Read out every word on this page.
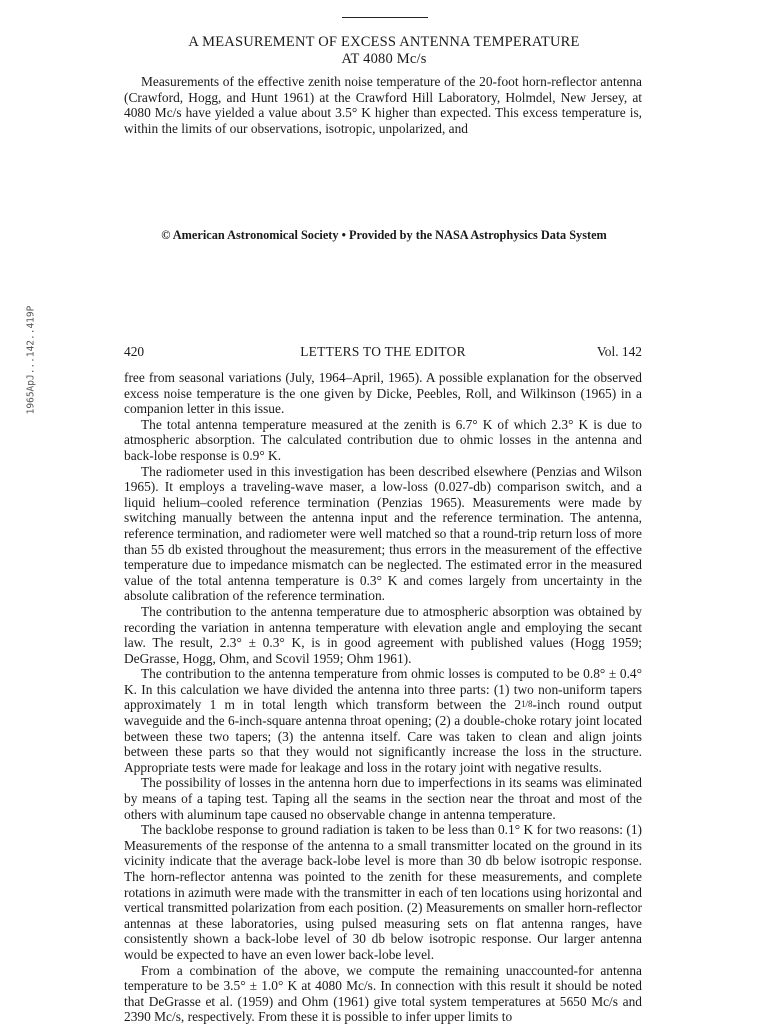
A MEASUREMENT OF EXCESS ANTENNA TEMPERATURE
AT 4080 Mc/s
Measurements of the effective zenith noise temperature of the 20-foot horn-reflector antenna (Crawford, Hogg, and Hunt 1961) at the Crawford Hill Laboratory, Holmdel, New Jersey, at 4080 Mc/s have yielded a value about 3.5° K higher than expected. This excess temperature is, within the limits of our observations, isotropic, unpolarized, and
© American Astronomical Society • Provided by the NASA Astrophysics Data System
1965ApJ...142..419P	LETTERS TO THE EDITOR
420	Vol. 142

free from seasonal variations (July, 1964–April, 1965). A possible explanation for the observed excess noise temperature is the one given by Dicke, Peebles, Roll, and Wilkinson (1965) in a companion letter in this issue.

The total antenna temperature measured at the zenith is 6.7° K of which 2.3° K is due to atmospheric absorption. The calculated contribution due to ohmic losses in the antenna and back-lobe response is 0.9° K.

The radiometer used in this investigation has been described elsewhere (Penzias and Wilson 1965). It employs a traveling-wave maser, a low-loss (0.027-db) comparison switch, and a liquid helium–cooled reference termination (Penzias 1965). Measurements were made by switching manually between the antenna input and the reference termination. The antenna, reference termination, and radiometer were well matched so that a round-trip return loss of more than 55 db existed throughout the measurement; thus errors in the measurement of the effective temperature due to impedance mismatch can be neglected. The estimated error in the measured value of the total antenna temperature is 0.3° K and comes largely from uncertainty in the absolute calibration of the reference termination.

The contribution to the antenna temperature due to atmospheric absorption was obtained by recording the variation in antenna temperature with elevation angle and employing the secant law. The result, 2.3° ± 0.3° K, is in good agreement with published values (Hogg 1959; DeGrasse, Hogg, Ohm, and Scovil 1959; Ohm 1961).

The contribution to the antenna temperature from ohmic losses is computed to be 0.8° ± 0.4° K. In this calculation we have divided the antenna into three parts: (1) two non-uniform tapers approximately 1 m in total length which transform between the 21/8-inch round output waveguide and the 6-inch-square antenna throat opening; (2) a double-choke rotary joint located between these two tapers; (3) the antenna itself. Care was taken to clean and align joints between these parts so that they would not significantly increase the loss in the structure. Appropriate tests were made for leakage and loss in the rotary joint with negative results.

The possibility of losses in the antenna horn due to imperfections in its seams was eliminated by means of a taping test. Taping all the seams in the section near the throat and most of the others with aluminum tape caused no observable change in antenna temperature.

The backlobe response to ground radiation is taken to be less than 0.1° K for two reasons: (1) Measurements of the response of the antenna to a small transmitter located on the ground in its vicinity indicate that the average back-lobe level is more than 30 db below isotropic response. The horn-reflector antenna was pointed to the zenith for these measurements, and complete rotations in azimuth were made with the transmitter in each of ten locations using horizontal and vertical transmitted polarization from each position. (2) Measurements on smaller horn-reflector antennas at these laboratories, using pulsed measuring sets on flat antenna ranges, have consistently shown a back-lobe level of 30 db below isotropic response. Our larger antenna would be expected to have an even lower back-lobe level.

From a combination of the above, we compute the remaining unaccounted-for antenna temperature to be 3.5° ± 1.0° K at 4080 Mc/s. In connection with this result it should be noted that DeGrasse et al. (1959) and Ohm (1961) give total system temperatures at 5650 Mc/s and 2390 Mc/s, respectively. From these it is possible to infer upper limits to
